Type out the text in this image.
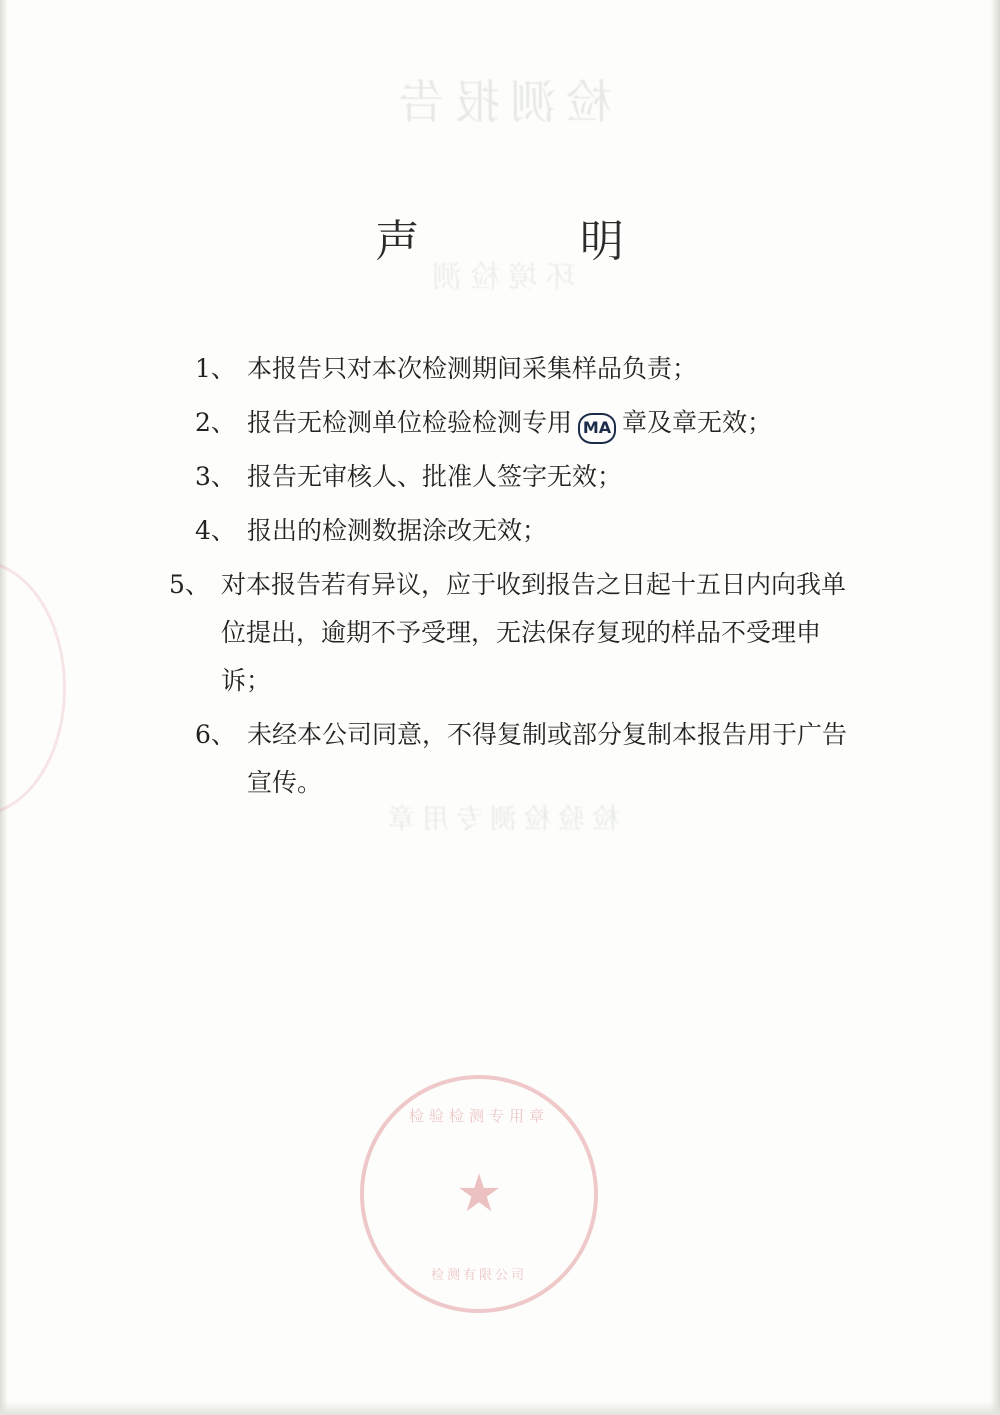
检测报告
环境检测
检验检测专用章
检验检测专用章
★
检测有限公司
声	明
1、 本报告只对本次检测期间采集样品负责；
2、 报告无检测单位检验检测专用 MA 章及章无效；
3、 报告无审核人、批准人签字无效；
4、 报出的检测数据涂改无效；
5、 对本报告若有异议，应于收到报告之日起十五日内向我单位提出，逾期不予受理，无法保存复现的样品不受理申诉；
6、 未经本公司同意，不得复制或部分复制本报告用于广告宣传。
